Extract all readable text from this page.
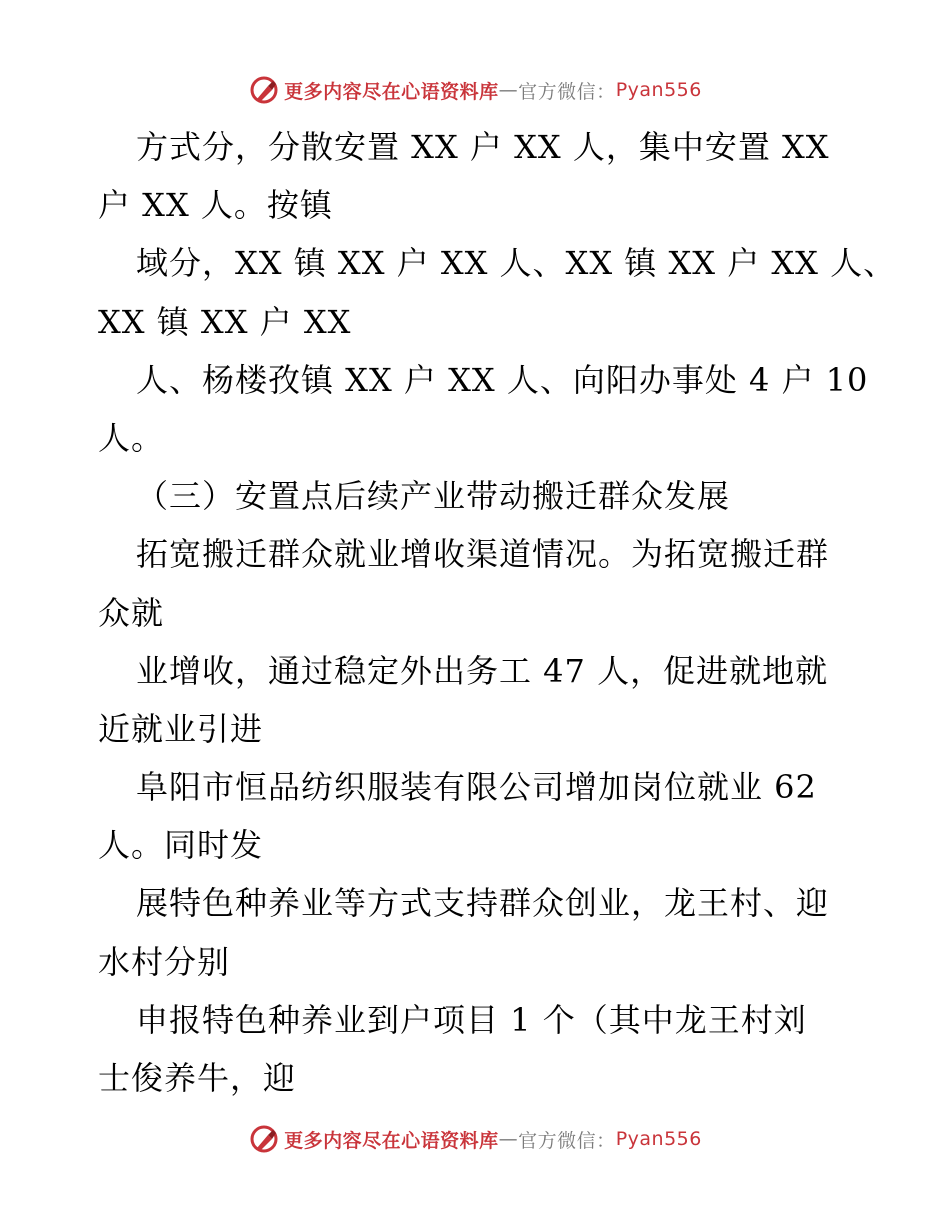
更多内容尽在心语资料库 — 官方微信： Pyan556
方式分，分散安置 XX 户 XX 人，集中安置 XX
户 XX 人。按镇
域分，XX 镇 XX 户 XX 人、XX 镇 XX 户 XX 人、
XX 镇 XX 户 XX
人、杨楼孜镇 XX 户 XX 人、向阳办事处 4 户 10
人。
（三）安置点后续产业带动搬迁群众发展
拓宽搬迁群众就业增收渠道情况。为拓宽搬迁群
众就
业增收，通过稳定外出务工 47 人，促进就地就
近就业引进
阜阳市恒品纺织服装有限公司增加岗位就业 62
人。同时发
展特色种养业等方式支持群众创业，龙王村、迎
水村分别
申报特色种养业到户项目 1 个（其中龙王村刘
士俊养牛，迎
更多内容尽在心语资料库 — 官方微信： Pyan556
